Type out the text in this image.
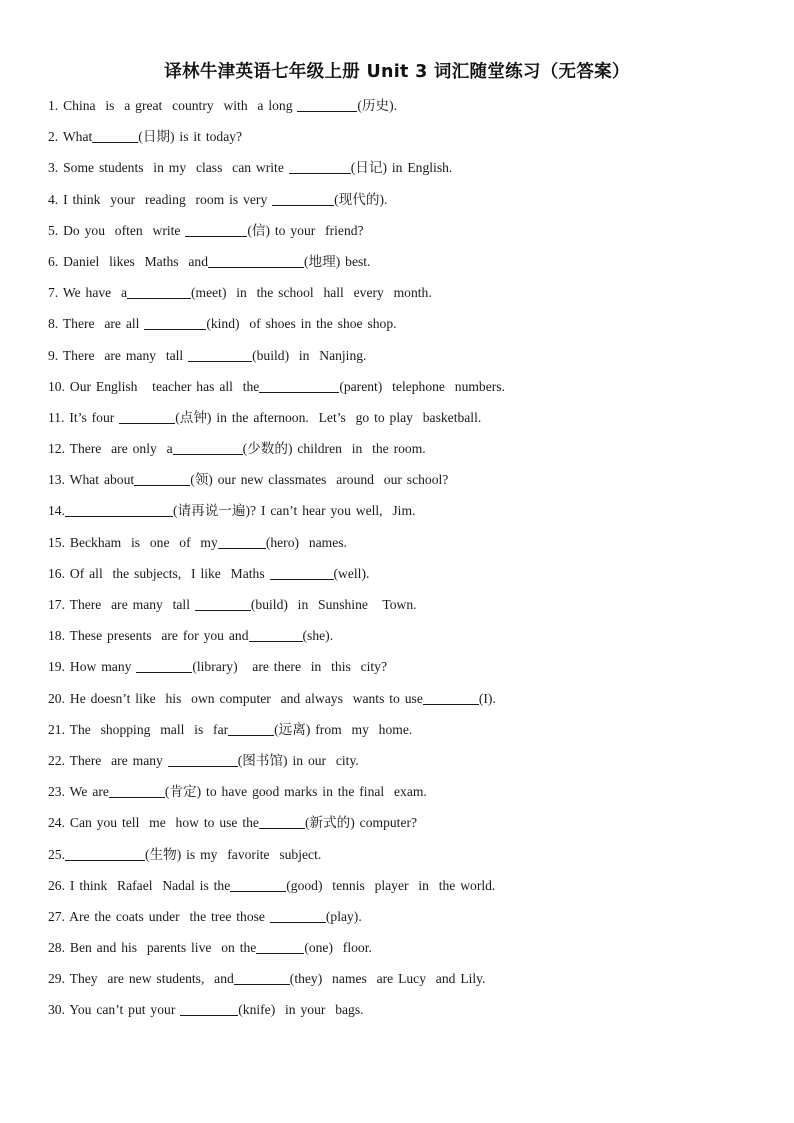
译林牛津英语七年级上册 Unit 3 词汇随堂练习（无答案）
1. China  is  a great  country  with  a long	(历史).
2. What	(日期) is it today?
3. Some students  in my  class  can write	(日记) in English.
4. I think  your  reading  room is very	(现代的).
5. Do you  often  write	(信) to your  friend?
6. Daniel  likes  Maths  and	(地理) best.
7. We have  a	(meet)  in  the school  hall  every  month.
8. There  are all	(kind)  of shoes in the shoe shop.
9. There  are many  tall	(build)  in  Nanjing.
10. Our English   teacher has all  the	(parent)  telephone  numbers.
11. It’s four	(点钟) in the afternoon.  Let’s  go to play  basketball.
12. There  are only  a	(少数的) children  in  the room.
13. What about	(领) our new classmates  around  our school?
14.	(请再说一遍)? I can’t hear you well,  Jim.
15. Beckham  is  one  of  my	(hero)  names.
16. Of all  the subjects,  I like  Maths	(well).
17. There  are many  tall	(build)  in  Sunshine   Town.
18. These presents  are for you and	(she).
19. How many	(library)   are there  in  this  city?
20. He doesn’t like  his  own computer  and always  wants to use	(I).
21. The  shopping  mall  is  far	(远离) from  my  home.
22. There  are many	(图书馆) in our  city.
23. We are	(肯定) to have good marks in the final  exam.
24. Can you tell  me  how to use the	(新式的) computer?
25.	(生物) is my  favorite  subject.
26. I think  Rafael  Nadal is the	(good)  tennis  player  in  the world.
27. Are the coats under  the tree those	(play).
28. Ben and his  parents live  on the	(one)  floor.
29. They  are new students,  and	(they)  names  are Lucy  and Lily.
30. You can’t put your	(knife)  in your  bags.
